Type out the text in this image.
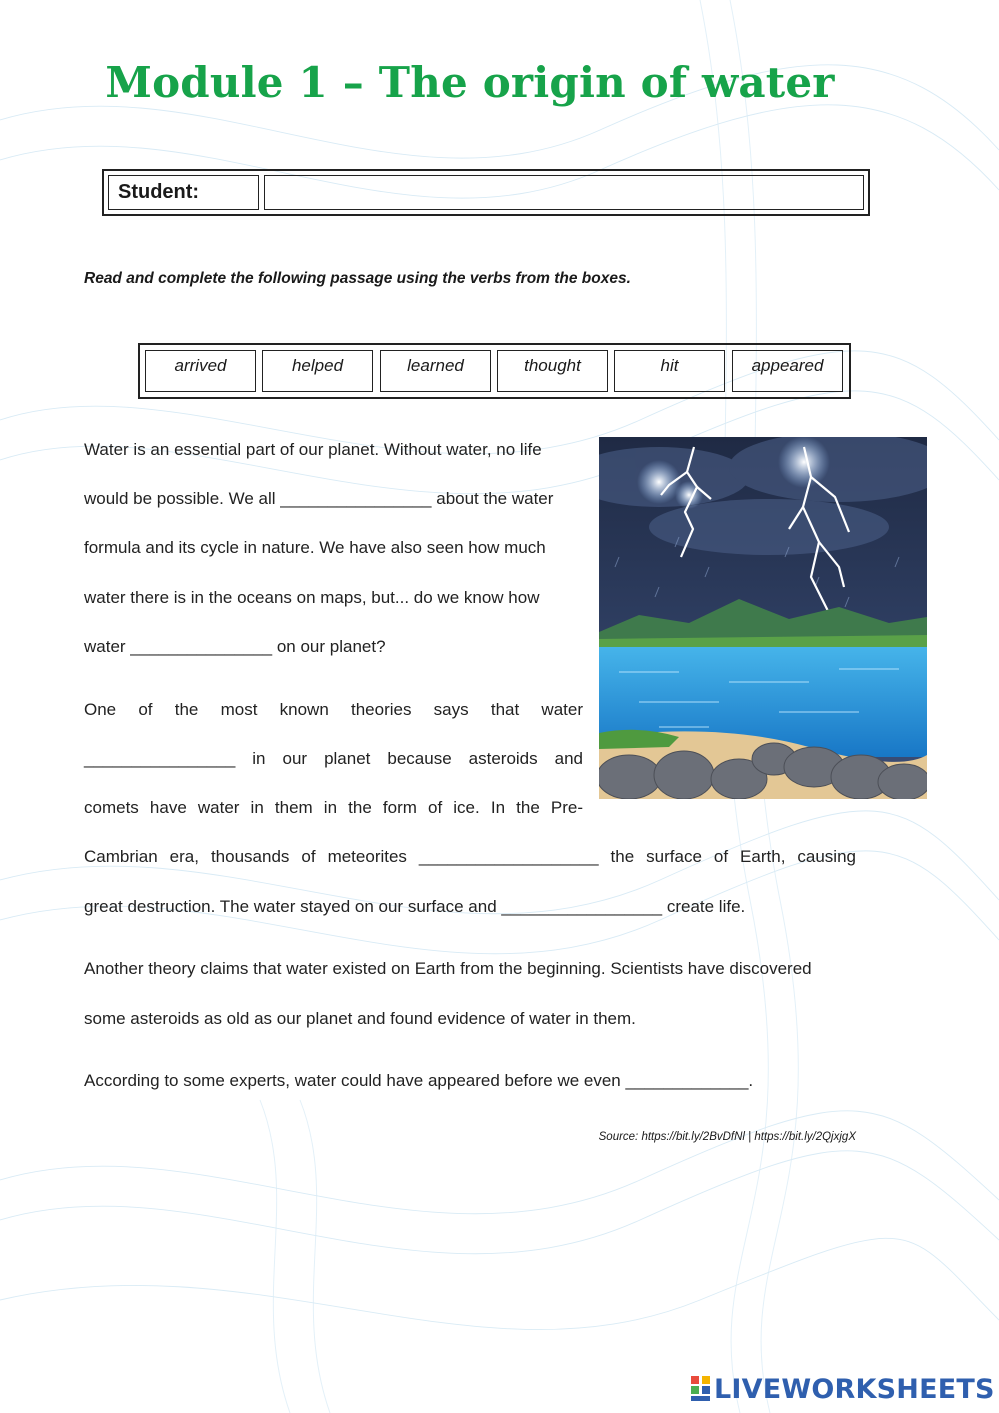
Module 1 – The origin of water
Student:
Read and complete the following passage using the verbs from the boxes.
arrived	helped	learned	thought	hit	appeared
Water is an essential part of our planet. Without water, no life
would be possible. We all ________________ about the water
formula and its cycle in nature. We have also seen how much
water there is in the oceans on maps, but... do we know how
water _______________ on our planet?
One of the most known theories says that water
________________ in our planet because asteroids and
comets have water in them in the form of ice. In the Pre-
Cambrian era, thousands of meteorites ___________________ the surface of Earth, causing
great destruction. The water stayed on our surface and _________________ create life.
Another theory claims that water existed on Earth from the beginning. Scientists have discovered
some asteroids as old as our planet and found evidence of water in them.
According to some experts, water could have appeared before we even _____________.
Source: https://bit.ly/2BvDfNl | https://bit.ly/2QjxjgX
LIVEWORKSHEETS
